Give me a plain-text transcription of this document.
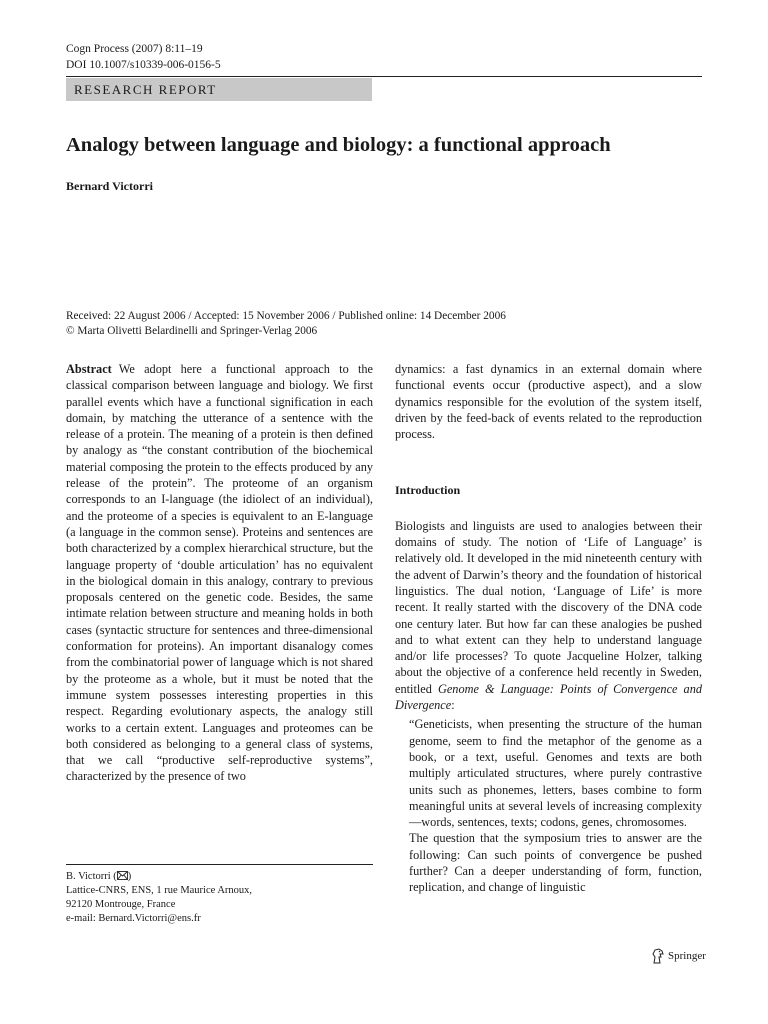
Cogn Process (2007) 8:11–19
DOI 10.1007/s10339-006-0156-5
RESEARCH REPORT
Analogy between language and biology: a functional approach
Bernard Victorri
Received: 22 August 2006 / Accepted: 15 November 2006 / Published online: 14 December 2006
© Marta Olivetti Belardinelli and Springer-Verlag 2006

Abstract We adopt here a functional approach to the classical comparison between language and biology. We first parallel events which have a functional signification in each domain, by matching the utterance of a sentence with the release of a protein. The meaning of a protein is then defined by analogy as “the constant contribution of the biochemical material composing the protein to the effects produced by any release of the protein”. The proteome of an organism corresponds to an I-language (the idiolect of an individual), and the proteome of a species is equivalent to an E-language (a language in the common sense). Proteins and sentences are both characterized by a complex hierarchical structure, but the language property of ‘double articulation’ has no equivalent in the biological domain in this analogy, contrary to previous proposals centered on the genetic code. Besides, the same intimate relation between structure and meaning holds in both cases (syntactic structure for sentences and three-dimensional conformation for proteins). An important disanalogy comes from the combinatorial power of language which is not shared by the proteome as a whole, but it must be noted that the immune system possesses interesting properties in this respect. Regarding evolutionary aspects, the analogy still works to a certain extent. Languages and proteomes can be both considered as belonging to a general class of systems, that we call “productive self-reproductive systems”, characterized by the presence of two

dynamics: a fast dynamics in an external domain where functional events occur (productive aspect), and a slow dynamics responsible for the evolution of the system itself, driven by the feed-back of events related to the reproduction process.

Introduction

Biologists and linguists are used to analogies between their domains of study. The notion of ‘Life of Language’ is relatively old. It developed in the mid nineteenth century with the advent of Darwin’s theory and the foundation of historical linguistics. The dual notion, ‘Language of Life’ is more recent. It really started with the discovery of the DNA code one century later. But how far can these analogies be pushed and to what extent can they help to understand language and/or life processes? To quote Jacqueline Holzer, talking about the objective of a conference held recently in Sweden, entitled Genome & Language: Points of Convergence and Divergence:

“Geneticists, when presenting the structure of the human genome, seem to find the metaphor of the genome as a book, or a text, useful. Genomes and texts are both multiply articulated structures, where purely contrastive units such as phonemes, letters, bases combine to form meaningful units at several levels of increasing complexity—words, sentences, texts; codons, genes, chromosomes.

The question that the symposium tries to answer are the following: Can such points of convergence be pushed further? Can a deeper understanding of form, function, replication, and change of linguistic

B. Victorri ( )
Lattice-CNRS, ENS, 1 rue Maurice Arnoux,
92120 Montrouge, France
e-mail: Bernard.Victorri@ens.fr
Springer
